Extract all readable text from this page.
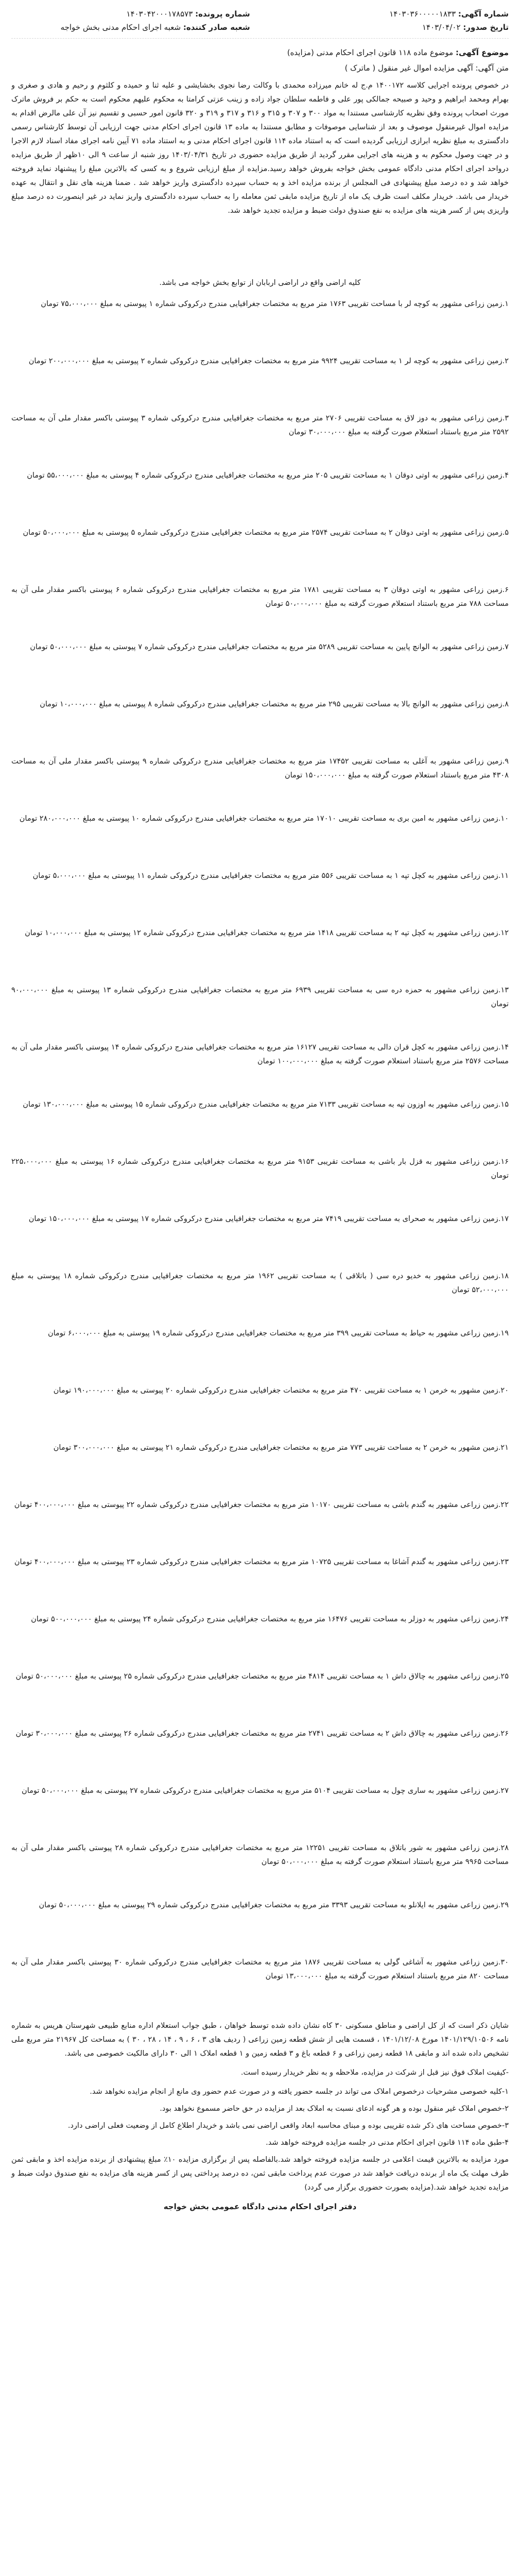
شماره آگهی: ۱۴۰۳۰۳۶۰۰۰۰۰۱۸۳۳
تاریخ صدور: ۱۴۰۳/۰۴/۰۲
شماره پرونده: ۱۴۰۳۰۴۲۰۰۰۱۷۸۵۷۳
شعبه صادر کننده: شعبه اجرای احکام مدنی بخش خواجه
موضوع آگهی: موضوع ماده ۱۱۸ قانون اجرای احکام مدنی (مزایده)
متن آگهی: آگهی مزایده اموال غیر منقول ( ماترک )
در خصوص پرونده اجرایی کلاسه ۱۴۰۰۱۷۲ م.ج له خانم میرزاده محمدی با وکالت رضا نجوی بخشایشی و علیه ثنا و حمیده و کلثوم و رحیم و هادی و صغری و بهرام ومحمد ابراهیم و وحید و صبیحه جمالکی پور علی و فاطمه سلطان جواد زاده و زینب عزتی کرامتا به محکوم علیهم محکوم است به حکم بر فروش ماترک مورث اصحاب پرونده وفق نظریه کارشناسی مستندا به مواد ۳۰۰ و ۳۰۷ و ۳۱۵ و ۳۱۶ و ۳۱۷ و ۳۱۹ و ۳۲۰ قانون امور حسبی و تقسیم نیز آن علی مالرض اقدام به مزایده اموال غیرمنقول موصوف و بعد از شناسایی موصوفات و مطابق مستندا به ماده ۱۳ قانون اجرای احکام مدنی جهت ارزیابی آن توسط کارشناس رسمی دادگستری به مبلغ نظریه ابرازی ارزیابی گردیده است که به استناد ماده ۱۱۴ قانون اجرای احکام مدنی و به استناد ماده ۷۱ آیین نامه اجرای مفاد اسناد لازم الاجرا و در جهت وصول محکوم به و هزینه های اجرایی مقرر گردید از طریق مزایده حضوری در تاریخ ۱۴۰۳/۰۴/۳۱ روز شنبه از ساعت ۹ الی ۱۰ظهر از طریق مزایده درواحد اجرای احکام مدنی دادگاه عمومی بخش خواجه بفروش خواهد رسید.مزایده از مبلغ ارزیابی شروع و به کسی که بالاترین مبلغ را پیشنهاد نماید فروخته خواهد شد و ده درصد مبلغ پیشنهادی فی المجلس از برنده مزایده اخذ و به حساب سپرده دادگستری واریز خواهد شد . ضمنا هزینه های نقل و انتقال به عهده خریدار می باشد. خریدار مکلف است ظرف یک ماه از تاریخ مزایده مابقی ثمن معامله را به حساب سپرده دادگستری واریز نماید در غیر اینصورت ده درصد مبلغ واریزی پس از کسر هزینه های مزایده به نفع صندوق دولت ضبط و مزایده تجدید خواهد شد.
کلیه اراضی واقع در اراضی اربابان از توابع بخش خواجه می باشد.
۱.زمین زراعی مشهور به کوچه لر با مساحت تقریبی ۱۷۶۳ متر مربع به مختصات جغرافیایی مندرج درکروکی شماره ۱ پیوستی به مبلغ ۷۵،۰۰۰،۰۰۰ تومان
۲.زمین زراعی مشهور به کوچه لر ۱ به مساحت تقریبی ۹۹۲۴ متر مربع به مختصات جغرافیایی مندرج درکروکی شماره ۲ پیوستی به مبلغ ۲۰۰،۰۰۰،۰۰۰ تومان
۳.زمین زراعی مشهور به دوز لاق به مساحت تقریبی ۲۷۰۶ متر مربع به مختصات جغرافیایی مندرج درکروکی شماره ۳ پیوستی باکسر مقدار ملی آن به مساحت ۲۵۹۲ متر مربع باستناد استعلام صورت گرفته به مبلغ ۳۰،۰۰۰،۰۰۰ تومان
۴.زمین زراعی مشهور به اوتی دوقان ۱ به مساحت تقریبی ۲۰۵ متر مربع به مختصات جغرافیایی مندرج درکروکی شماره ۴ پیوستی به مبلغ ۵۵،۰۰۰،۰۰۰ تومان
۵.زمین زراعی مشهور به اوتی دوقان ۲ به مساحت تقریبی ۲۵۷۴ متر مربع به مختصات جغرافیایی مندرج درکروکی شماره ۵ پیوستی به مبلغ ۵۰،۰۰۰،۰۰۰ تومان
۶.زمین زراعی مشهور به اوتی دوقان ۳ به مساحت تقریبی ۱۷۸۱ متر مربع به مختصات جغرافیایی مندرج درکروکی شماره ۶ پیوستی باکسر مقدار ملی آن به مساحت ۷۸۸ متر مربع باستناد استعلام صورت گرفته به مبلغ ۵۰،۰۰۰،۰۰۰ تومان
۷.زمین زراعی مشهور به الوانچ پایین به مساحت تقریبی ۵۲۸۹ متر مربع به مختصات جغرافیایی مندرج درکروکی شماره ۷ پیوستی به مبلغ ۵۰،۰۰۰،۰۰۰ تومان
۸.زمین زراعی مشهور به الوانچ بالا به مساحت تقریبی ۲۹۵ متر مربع به مختصات جغرافیایی مندرج درکروکی شماره ۸ پیوستی به مبلغ ۱۰،۰۰۰،۰۰۰ تومان
۹.زمین زراعی مشهور به آغلی به مساحت تقریبی ۱۷۴۵۲ متر مربع به مختصات جغرافیایی مندرج درکروکی شماره ۹ پیوستی باکسر مقدار ملی آن به مساحت ۴۳۰۸ متر مربع باستناد استعلام صورت گرفته به مبلغ ۱۵۰،۰۰۰،۰۰۰ تومان
۱۰.زمین زراعی مشهور به امین بری به مساحت تقریبی ۱۷۰۱۰ متر مربع به مختصات جغرافیایی مندرج درکروکی شماره ۱۰ پیوستی به مبلغ ۲۸۰،۰۰۰،۰۰۰ تومان
۱۱.زمین زراعی مشهور به کچل تپه ۱ به مساحت تقریبی ۵۵۶ متر مربع به مختصات جغرافیایی مندرج درکروکی شماره ۱۱ پیوستی به مبلغ ۵،۰۰۰،۰۰۰ تومان
۱۲.زمین زراعی مشهور به کچل تپه ۲ به مساحت تقریبی ۱۴۱۸ متر مربع به مختصات جغرافیایی مندرج درکروکی شماره ۱۲ پیوستی به مبلغ ۱۰،۰۰۰،۰۰۰ تومان
۱۳.زمین زراعی مشهور به حمزه دره سی به مساحت تقریبی ۶۹۳۹ متر مربع به مختصات جغرافیایی مندرج درکروکی شماره ۱۳ پیوستی به مبلغ ۹۰،۰۰۰،۰۰۰ تومان
۱۴.زمین زراعی مشهور به کچل قران دالی به مساحت تقریبی ۱۶۱۲۷ متر مربع به مختصات جغرافیایی مندرج درکروکی شماره ۱۴ پیوستی باکسر مقدار ملی آن به مساحت ۲۵۷۶ متر مربع باستناد استعلام صورت گرفته به مبلغ ۱۰۰،۰۰۰،۰۰۰ تومان
۱۵.زمین زراعی مشهور به اوزون تپه به مساحت تقریبی ۷۱۳۳ متر مربع به مختصات جغرافیایی مندرج درکروکی شماره ۱۵ پیوستی به مبلغ ۱۳۰،۰۰۰،۰۰۰ تومان
۱۶.زمین زراعی مشهور به قزل بار باشی به مساحت تقریبی ۹۱۵۳ متر مربع به مختصات جغرافیایی مندرج درکروکی شماره ۱۶ پیوستی به مبلغ ۲۲۵،۰۰۰،۰۰۰ تومان
۱۷.زمین زراعی مشهور به صحرای به مساحت تقریبی ۷۴۱۹ متر مربع به مختصات جغرافیایی مندرج درکروکی شماره ۱۷ پیوستی به مبلغ ۱۵۰،۰۰۰،۰۰۰ تومان
۱۸.زمین زراعی مشهور به خدیو دره سی ( باتلاقی ) به مساحت تقریبی ۱۹۶۲ متر مربع به مختصات جغرافیایی مندرج درکروکی شماره ۱۸ پیوستی به مبلغ ۵۲،۰۰۰،۰۰۰ تومان
۱۹.زمین زراعی مشهور به حیاط به مساحت تقریبی ۳۹۹ متر مربع به مختصات جغرافیایی مندرج درکروکی شماره ۱۹ پیوستی به مبلغ ۶،۰۰۰،۰۰۰ تومان
۲۰.زمین مشهور به خرمن ۱ به مساحت تقریبی ۴۷۰ متر مربع به مختصات جغرافیایی مندرج درکروکی شماره ۲۰ پیوستی به مبلغ ۱۹۰،۰۰۰،۰۰۰ تومان
۲۱.زمین مشهور به خرمن ۲ به مساحت تقریبی ۷۷۳ متر مربع به مختصات جغرافیایی مندرج درکروکی شماره ۲۱ پیوستی به مبلغ ۳۰۰،۰۰۰،۰۰۰ تومان
۲۲.زمین زراعی مشهور به گندم باشی به مساحت تقریبی ۱۰۱۷۰ متر مربع به مختصات جغرافیایی مندرج درکروکی شماره ۲۲ پیوستی به مبلغ ۴۰۰،۰۰۰،۰۰۰ تومان
۲۳.زمین زراعی مشهور به گندم آشاغا به مساحت تقریبی ۱۰۷۲۵ متر مربع به مختصات جغرافیایی مندرج درکروکی شماره ۲۳ پیوستی به مبلغ ۴۰۰،۰۰۰،۰۰۰ تومان
۲۴.زمین زراعی مشهور به دوزلر به مساحت تقریبی ۱۶۴۷۶ متر مربع به مختصات جغرافیایی مندرج درکروکی شماره ۲۴ پیوستی به مبلغ ۵۰۰،۰۰۰،۰۰۰ تومان
۲۵.زمین زراعی مشهور به چالاق داش ۱ به مساحت تقریبی ۴۸۱۴ متر مربع به مختصات جغرافیایی مندرج درکروکی شماره ۲۵ پیوستی به مبلغ ۵۰،۰۰۰،۰۰۰ تومان
۲۶.زمین زراعی مشهور به چالاق داش ۲ به مساحت تقریبی ۲۷۴۱ متر مربع به مختصات جغرافیایی مندرج درکروکی شماره ۲۶ پیوستی به مبلغ ۳۰،۰۰۰،۰۰۰ تومان
۲۷.زمین زراعی مشهور به ساری چول به مساحت تقریبی ۵۱۰۴ متر مربع به مختصات جغرافیایی مندرج درکروکی شماره ۲۷ پیوستی به مبلغ ۵۰،۰۰۰،۰۰۰ تومان
۲۸.زمین زراعی مشهور به شور باتلاق به مساحت تقریبی ۱۲۲۵۱ متر مربع به مختصات جغرافیایی مندرج درکروکی شماره ۲۸ پیوستی باکسر مقدار ملی آن به مساحت ۹۹۶۵ متر مربع باستناد استعلام صورت گرفته به مبلغ ۵۰،۰۰۰،۰۰۰ تومان
۲۹.زمین زراعی مشهور به ایلانلو به مساحت تقریبی ۳۳۹۳ متر مربع به مختصات جغرافیایی مندرج درکروکی شماره ۲۹ پیوستی به مبلغ ۵۰،۰۰۰،۰۰۰ تومان
۳۰.زمین زراعی مشهور به آشاغی گولی به مساحت تقریبی ۱۸۷۶ متر مربع به مختصات جغرافیایی مندرج درکروکی شماره ۳۰ پیوستی باکسر مقدار ملی آن به مساحت ۸۲۰ متر مربع باستناد استعلام صورت گرفته به مبلغ ۱۳،۰۰۰،۰۰۰ تومان

شایان ذکر است که از کل اراضی و مناطق مسکونی ۳۰ کاه نشان داده شده توسط خواهان ، طبق جواب استعلام اداره منابع طبیعی شهرستان هریس به شماره نامه ۱۴۰۱/۱۲۹/۱۰۵۰۶ مورخ ۱۴۰۱/۱۲/۰۸ ، قسمت هایی از شش قطعه زمین زراعی ( ردیف های ۳ ، ۶ ، ۹ ، ۱۴ ، ۲۸ ، ۳۰ ) به مساحت کل ۲۱۹۶۷ متر مربع ملی تشخیص داده شده اند و مابقی ۱۸ قطعه زمین زراعی و ۶ قطعه باغ و ۳ قطعه زمین و ۱ قطعه املاک ۱ الی ۳۰ دارای مالکیت خصوصی می باشد.

-کیفیت املاک فوق نیز قبل از شرکت در مزایده، ملاحظه و به نظر خریدار رسیده است.

۱-کلیه خصوصی مشرحیات درخصوص املاک می تواند در جلسه حضور یافته و در صورت عدم حضور وی مانع از انجام مزایده نخواهد شد.
۲-خصوص املاک غیر منقول بوده و هر گونه ادعای نسبت به املاک بعد از مزایده در حق حاضر مسموع نخواهد بود.
۳-خصوص مساحت های ذکر شده تقریبی بوده و مبنای محاسبه ابعاد واقعی اراضی نمی باشد و خریدار اطلاع کامل از وضعیت فعلی اراضی دارد.
۴-طبق ماده ۱۱۴ قانون اجرای احکام مدنی در جلسه مزایده فروخته خواهد شد.
مورد مزایده به بالاترین قیمت اعلامی در جلسه مزایده فروخته خواهد شد.بالفاصله پس از برگزاری مزایده ۱۰٪ مبلغ پیشنهادی از برنده مزایده اخذ و مابقی ثمن ظرف مهلت یک ماه از برنده دریافت خواهد شد در صورت عدم پرداخت مابقی ثمن، ده درصد پرداختی پس از کسر هزینه های مزایده به نفع صندوق دولت ضبط و مزایده تجدید خواهد شد.(مزایده بصورت حضوری برگزار می گردد)
دفتر اجرای احکام مدنی دادگاه عمومی بخش خواجه
